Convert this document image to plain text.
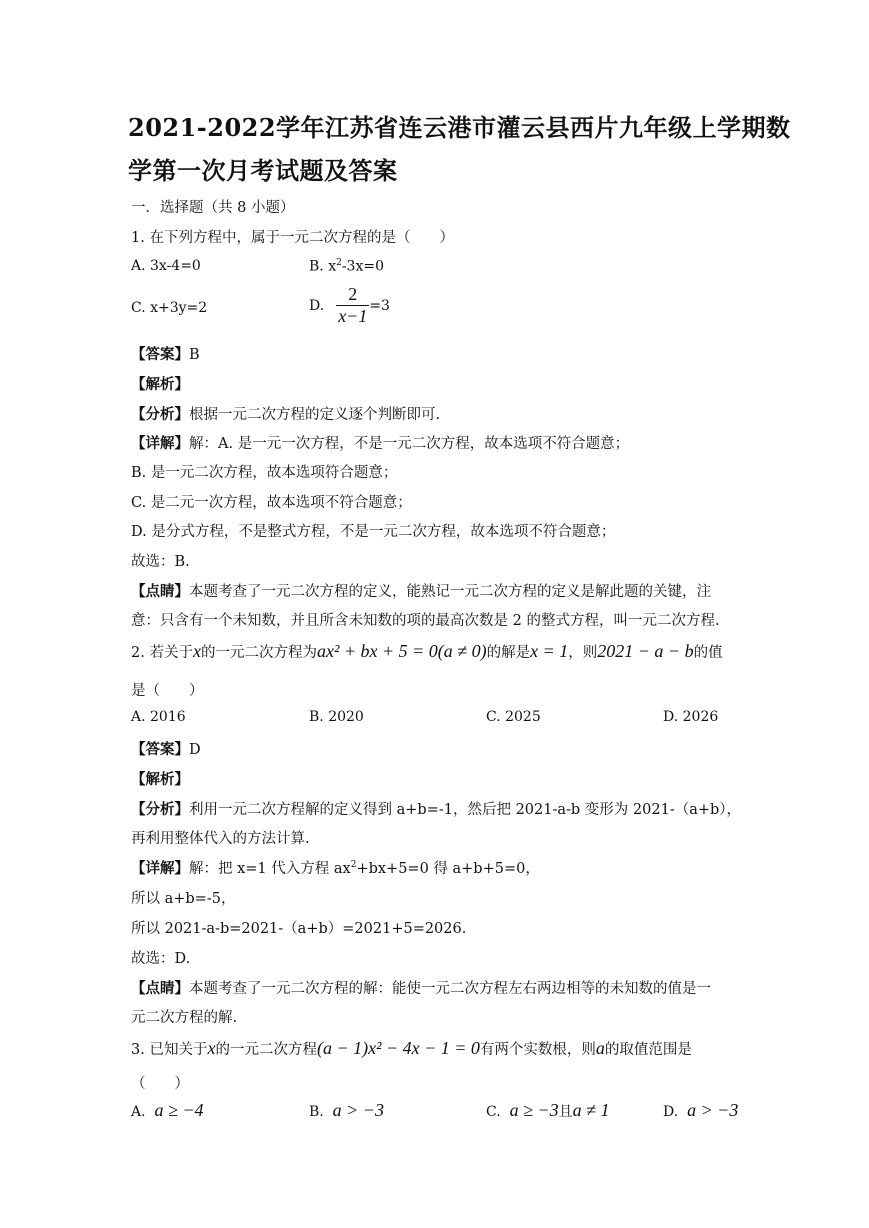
2021-2022学年江苏省连云港市灌云县西片九年级上学期数
学第一次月考试题及答案
一．选择题（共 8 小题）
1. 在下列方程中，属于一元二次方程的是（　　）
A. 3x-4=0	B. $x^2-3x=0$
C. x+3y=2	D. $\frac{2}{x-1} =3$
【答案】B
【解析】
【分析】根据一元二次方程的定义逐个判断即可.
【详解】解：A. 是一元一次方程，不是一元二次方程，故本选项不符合题意；
B. 是一元二次方程，故本选项符合题意；
C. 是二元一次方程，故本选项不符合题意；
D. 是分式方程，不是整式方程，不是一元二次方程，故本选项不符合题意；
故选：B.
【点睛】本题考查了一元二次方程的定义，能熟记一元二次方程的定义是解此题的关键，注
意：只含有一个未知数，并且所含未知数的项的最高次数是 2 的整式方程，叫一元二次方程.
2. 若关于x的一元二次方程为ax² + bx + 5 = 0(a ≠ 0)的解是x = 1，则2021 − a − b的值
是（　　）
A. 2016	B. 2020	C. 2025	D. 2026
【答案】D
【解析】
【分析】利用一元二次方程解的定义得到 a+b=-1，然后把 2021-a-b 变形为 2021-（a+b），
再利用整体代入的方法计算.
【详解】解：把 x=1 代入方程 $ax^2+bx+5=0$ 得 a+b+5=0，
所以 a+b=-5，
所以 2021-a-b=2021-（a+b）=2021+5=2026.
故选：D.
【点睛】本题考查了一元二次方程的解：能使一元二次方程左右两边相等的未知数的值是一
元二次方程的解.
3. 已知关于x的一元二次方程(a − 1)x² − 4x − 1 = 0有两个实数根，则a的取值范围是
（　　）
A. a ≥ −4	B. a > −3	C. a ≥ −3且a ≠ 1	D. a > −3
